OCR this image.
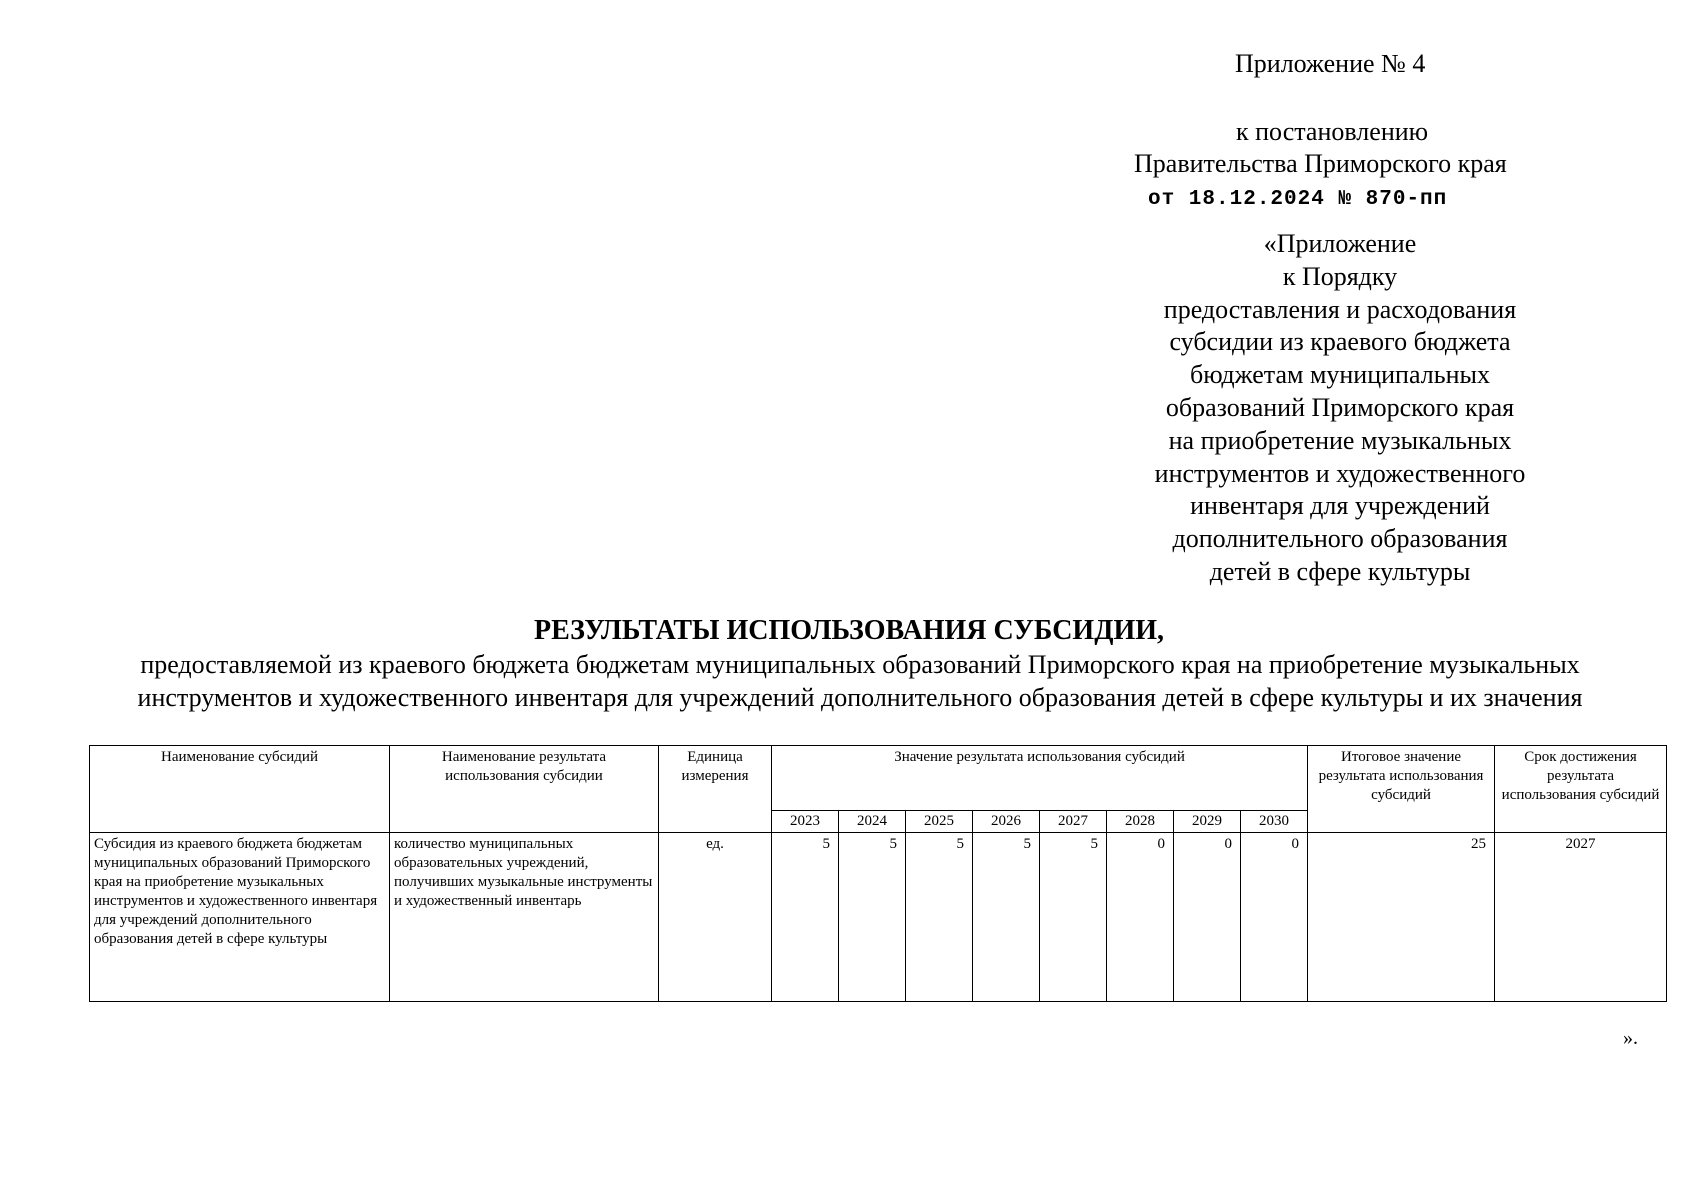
Приложение № 4
к постановлению
Правительства Приморского края
от 18.12.2024 № 870-пп
«Приложение
к Порядку
предоставления и расходования
субсидии из краевого бюджета
бюджетам муниципальных
образований Приморского края
на приобретение музыкальных
инструментов и художественного
инвентаря для учреждений
дополнительного образования
детей в сфере культуры
РЕЗУЛЬТАТЫ ИСПОЛЬЗОВАНИЯ СУБСИДИИ,
предоставляемой из краевого бюджета бюджетам муниципальных образований Приморского края на приобретение музыкальных инструментов и художественного инвентаря для учреждений дополнительного образования детей в сфере культуры и их значения
Наименование субсидий	Наименование результата использования субсидии	Единица измерения	Значение результата использования субсидий								Итоговое значение результата использования субсидий	Срок достижения результата использования субсидий
			2023	2024	2025	2026	2027	2028	2029	2030		
Субсидия из краевого бюджета бюджетам муниципальных образований Приморского края на приобретение музыкальных инструментов и художественного инвентаря для учреждений дополнительного образования детей в сфере культуры	количество муниципальных образовательных учреждений, получивших музыкальные инструменты и художественный инвентарь	ед.	5	5	5	5	5	0	0	0	25	2027
».
